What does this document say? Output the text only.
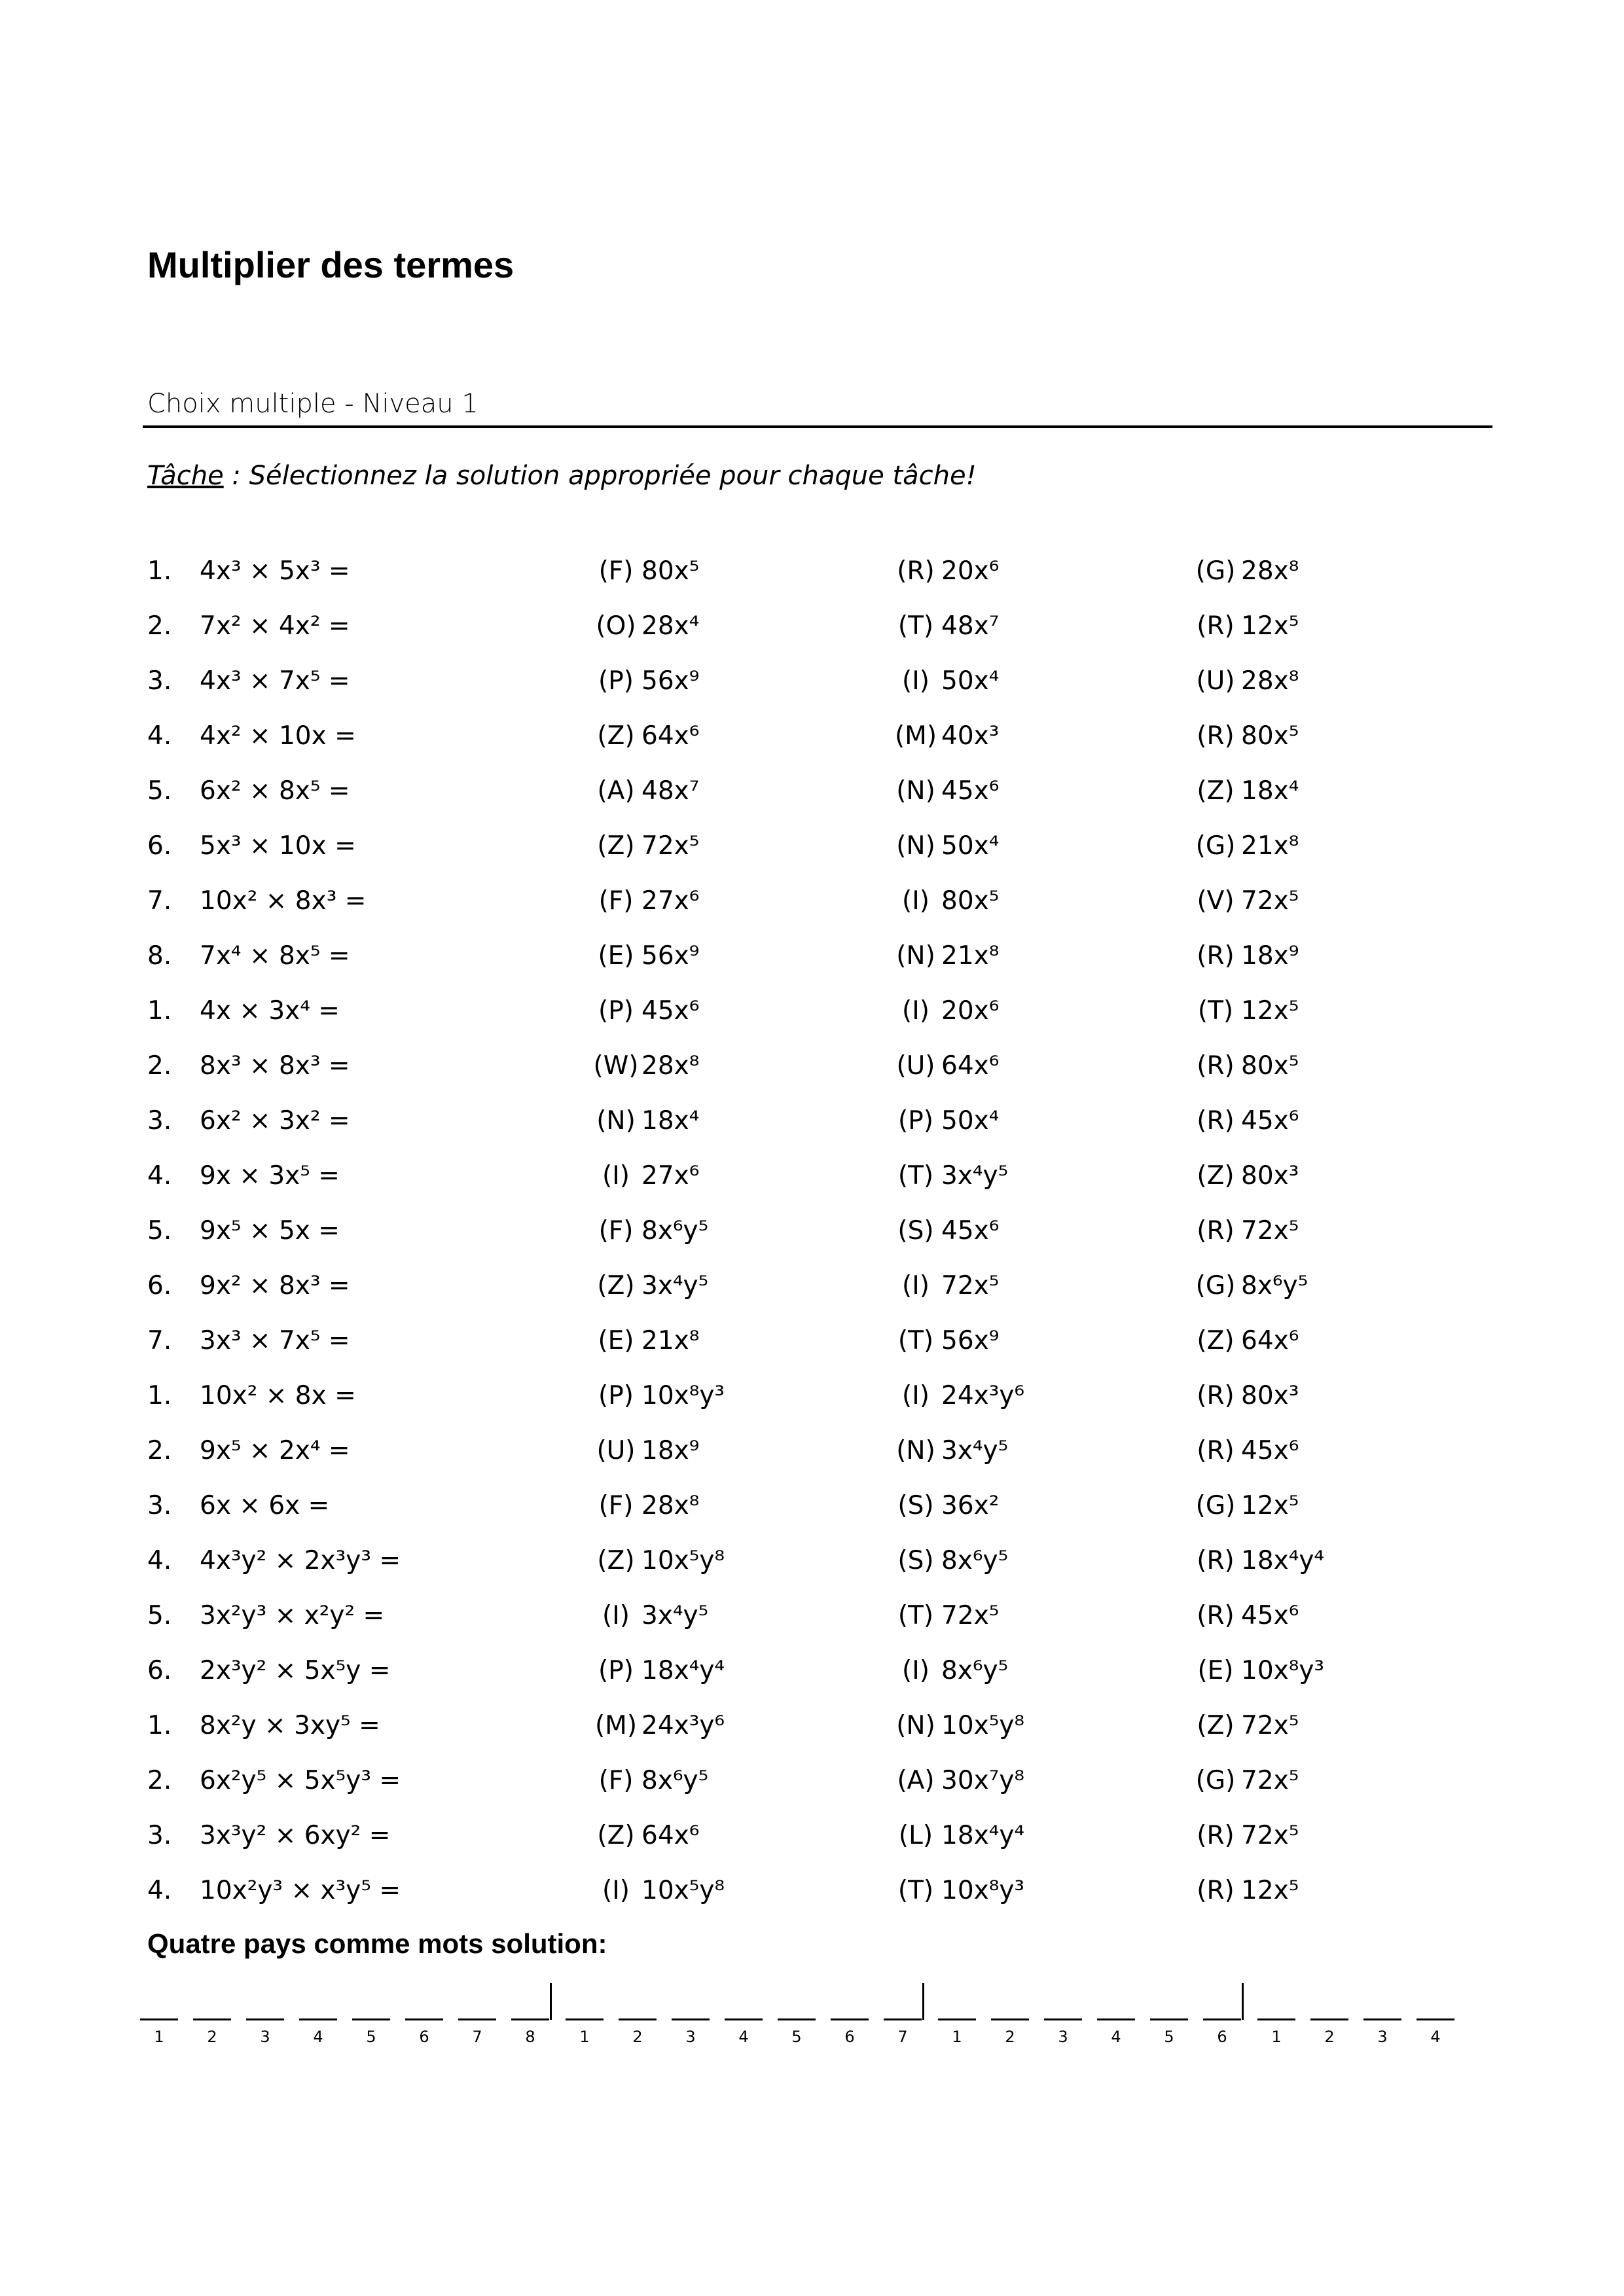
Multiplier des termes
Choix multiple - Niveau 1
Tâche : Sélectionnez la solution appropriée pour chaque tâche!
1. 4x³ × 5x³ =	(F) 80x⁵	(R) 20x⁶	(G) 28x⁸
2. 7x² × 4x² =	(O) 28x⁴	(T) 48x⁷	(R) 12x⁵
3. 4x³ × 7x⁵ =	(P) 56x⁹	(I) 50x⁴	(U) 28x⁸
4. 4x² × 10x =	(Z) 64x⁶	(M) 40x³	(R) 80x⁵
5. 6x² × 8x⁵ =	(A) 48x⁷	(N) 45x⁶	(Z) 18x⁴
6. 5x³ × 10x =	(Z) 72x⁵	(N) 50x⁴	(G) 21x⁸
7. 10x² × 8x³ =	(F) 27x⁶	(I) 80x⁵	(V) 72x⁵
8. 7x⁴ × 8x⁵ =	(E) 56x⁹	(N) 21x⁸	(R) 18x⁹
1. 4x × 3x⁴ =	(P) 45x⁶	(I) 20x⁶	(T) 12x⁵
2. 8x³ × 8x³ =	(W) 28x⁸	(U) 64x⁶	(R) 80x⁵
3. 6x² × 3x² =	(N) 18x⁴	(P) 50x⁴	(R) 45x⁶
4. 9x × 3x⁵ =	(I) 27x⁶	(T) 3x⁴y⁵	(Z) 80x³
5. 9x⁵ × 5x =	(F) 8x⁶y⁵	(S) 45x⁶	(R) 72x⁵
6. 9x² × 8x³ =	(Z) 3x⁴y⁵	(I) 72x⁵	(G) 8x⁶y⁵
7. 3x³ × 7x⁵ =	(E) 21x⁸	(T) 56x⁹	(Z) 64x⁶
1. 10x² × 8x =	(P) 10x⁸y³	(I) 24x³y⁶	(R) 80x³
2. 9x⁵ × 2x⁴ =	(U) 18x⁹	(N) 3x⁴y⁵	(R) 45x⁶
3. 6x × 6x =	(F) 28x⁸	(S) 36x²	(G) 12x⁵
4. 4x³y² × 2x³y³ =	(Z) 10x⁵y⁸	(S) 8x⁶y⁵	(R) 18x⁴y⁴
5. 3x²y³ × x²y² =	(I) 3x⁴y⁵	(T) 72x⁵	(R) 45x⁶
6. 2x³y² × 5x⁵y =	(P) 18x⁴y⁴	(I) 8x⁶y⁵	(E) 10x⁸y³
1. 8x²y × 3xy⁵ =	(M) 24x³y⁶	(N) 10x⁵y⁸	(Z) 72x⁵
2. 6x²y⁵ × 5x⁵y³ =	(F) 8x⁶y⁵	(A) 30x⁷y⁸	(G) 72x⁵
3. 3x³y² × 6xy² =	(Z) 64x⁶	(L) 18x⁴y⁴	(R) 72x⁵
4. 10x²y³ × x³y⁵ =	(I) 10x⁵y⁸	(T) 10x⁸y³	(R) 12x⁵
Quatre pays comme mots solution:
1	2	3	4	5	6	7	8	1	2	3	4	5	6	7	1	2	3	4	5	6	1	2	3	4
